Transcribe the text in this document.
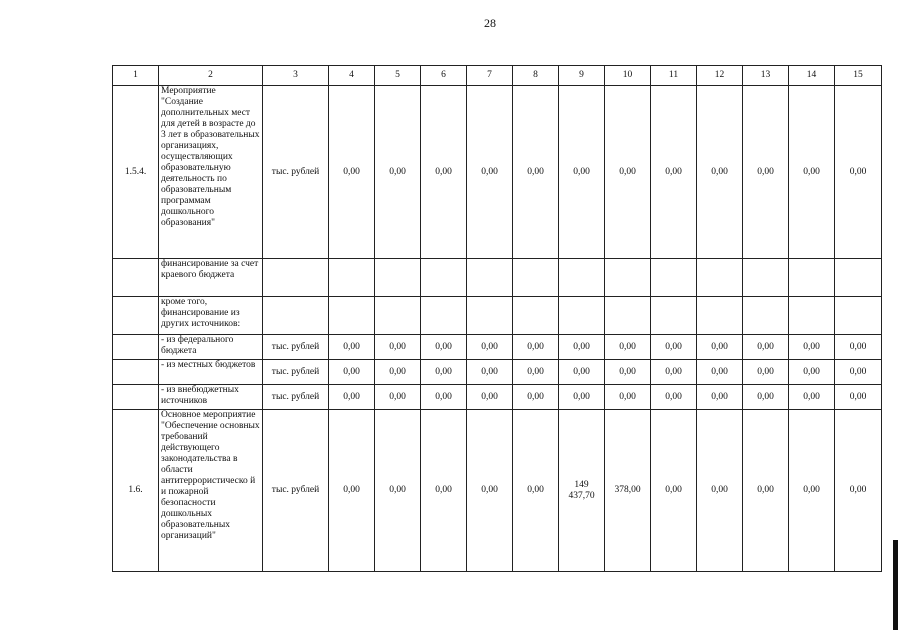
28
1	2	3	4	5	6	7	8	9	10	11	12	13	14	15
1.5.4.	Мероприятие "Создание дополнительных мест для детей в возрасте до 3 лет в образовательных организациях, осуществляющих образовательную деятельность по образовательным программам дошкольного образования"	тыс. рублей	0,00	0,00	0,00	0,00	0,00	0,00	0,00	0,00	0,00	0,00	0,00	0,00
	финансирование за счет краевого бюджета													
	кроме того, финансирование из других источников:													
	- из федерального бюджета	тыс. рублей	0,00	0,00	0,00	0,00	0,00	0,00	0,00	0,00	0,00	0,00	0,00	0,00
	- из местных бюджетов	тыс. рублей	0,00	0,00	0,00	0,00	0,00	0,00	0,00	0,00	0,00	0,00	0,00	0,00
	- из внебюджетных источников	тыс. рублей	0,00	0,00	0,00	0,00	0,00	0,00	0,00	0,00	0,00	0,00	0,00	0,00
1.6.	Основное мероприятие "Обеспечение основных требований действующего законодательства в области антитеррористическо й и пожарной безопасности дошкольных образовательных организаций"	тыс. рублей	0,00	0,00	0,00	0,00	0,00	149 437,70	378,00	0,00	0,00	0,00	0,00	0,00
